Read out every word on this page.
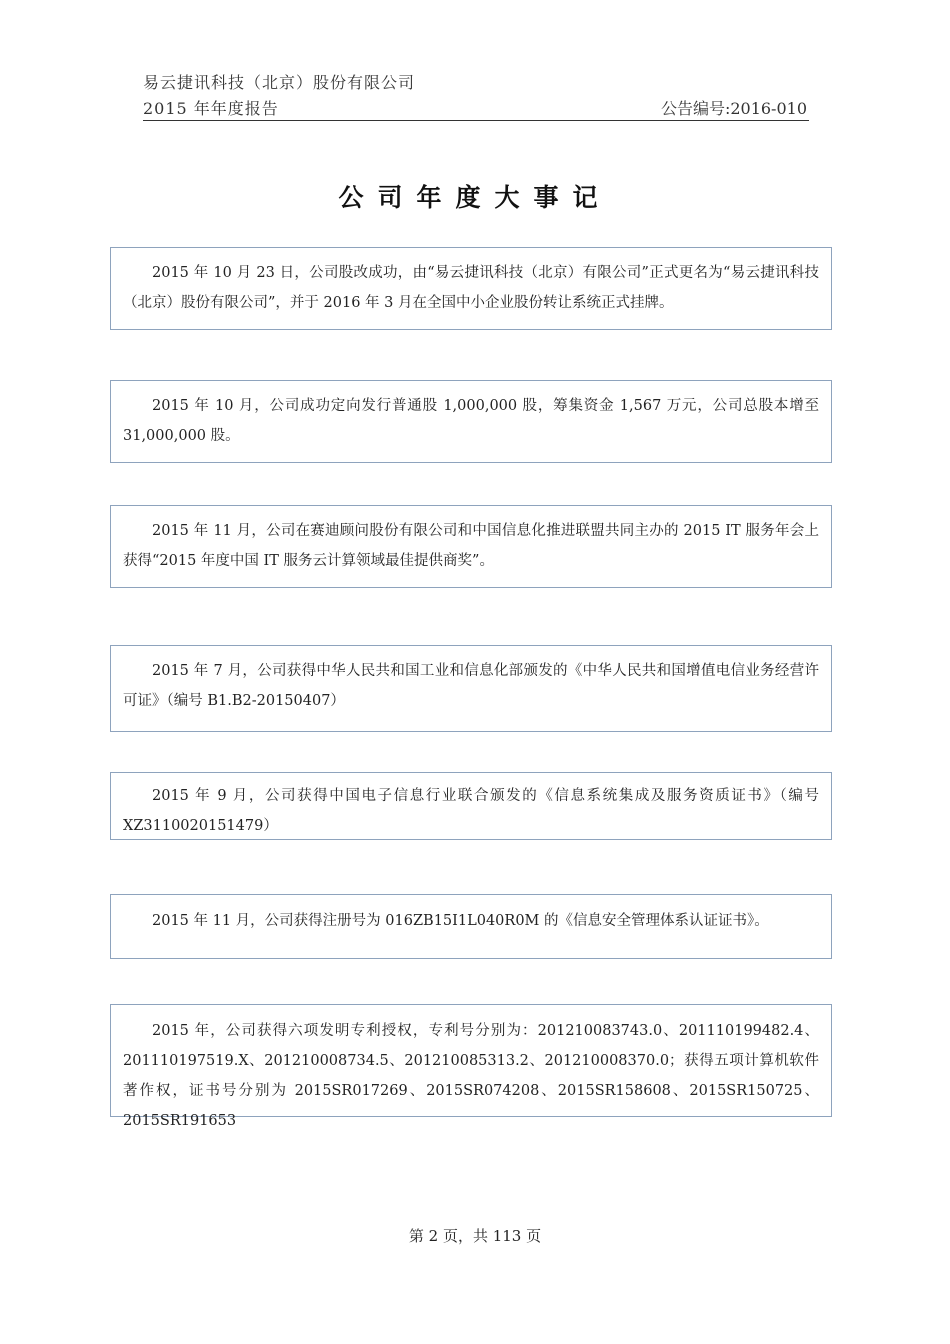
易云捷讯科技（北京）股份有限公司
2015 年年度报告	公告编号:2016-010
公司年度大事记

2015 年 10 月 23 日，公司股改成功，由“易云捷讯科技（北京）有限公司”正式更名为“易云捷讯科技（北京）股份有限公司”，并于 2016 年 3 月在全国中小企业股份转让系统正式挂牌。

2015 年 10 月，公司成功定向发行普通股 1,000,000 股，筹集资金 1,567 万元，公司总股本增至 31,000,000 股。

2015 年 11 月，公司在赛迪顾问股份有限公司和中国信息化推进联盟共同主办的 2015 IT 服务年会上获得“2015 年度中国 IT 服务云计算领域最佳提供商奖”。

2015 年 7 月，公司获得中华人民共和国工业和信息化部颁发的《中华人民共和国增值电信业务经营许可证》（编号 B1.B2-20150407）

2015 年 9 月，公司获得中国电子信息行业联合颁发的《信息系统集成及服务资质证书》（编号 XZ3110020151479）

2015 年 11 月，公司获得注册号为 016ZB15I1L040R0M 的《信息安全管理体系认证证书》。

2015 年，公司获得六项发明专利授权，专利号分别为：201210083743.0、201110199482.4、201110197519.X、201210008734.5、201210085313.2、201210008370.0；获得五项计算机软件著作权，证书号分别为 2015SR017269、2015SR074208、2015SR158608、2015SR150725、2015SR191653

第 2 页，共 113 页
